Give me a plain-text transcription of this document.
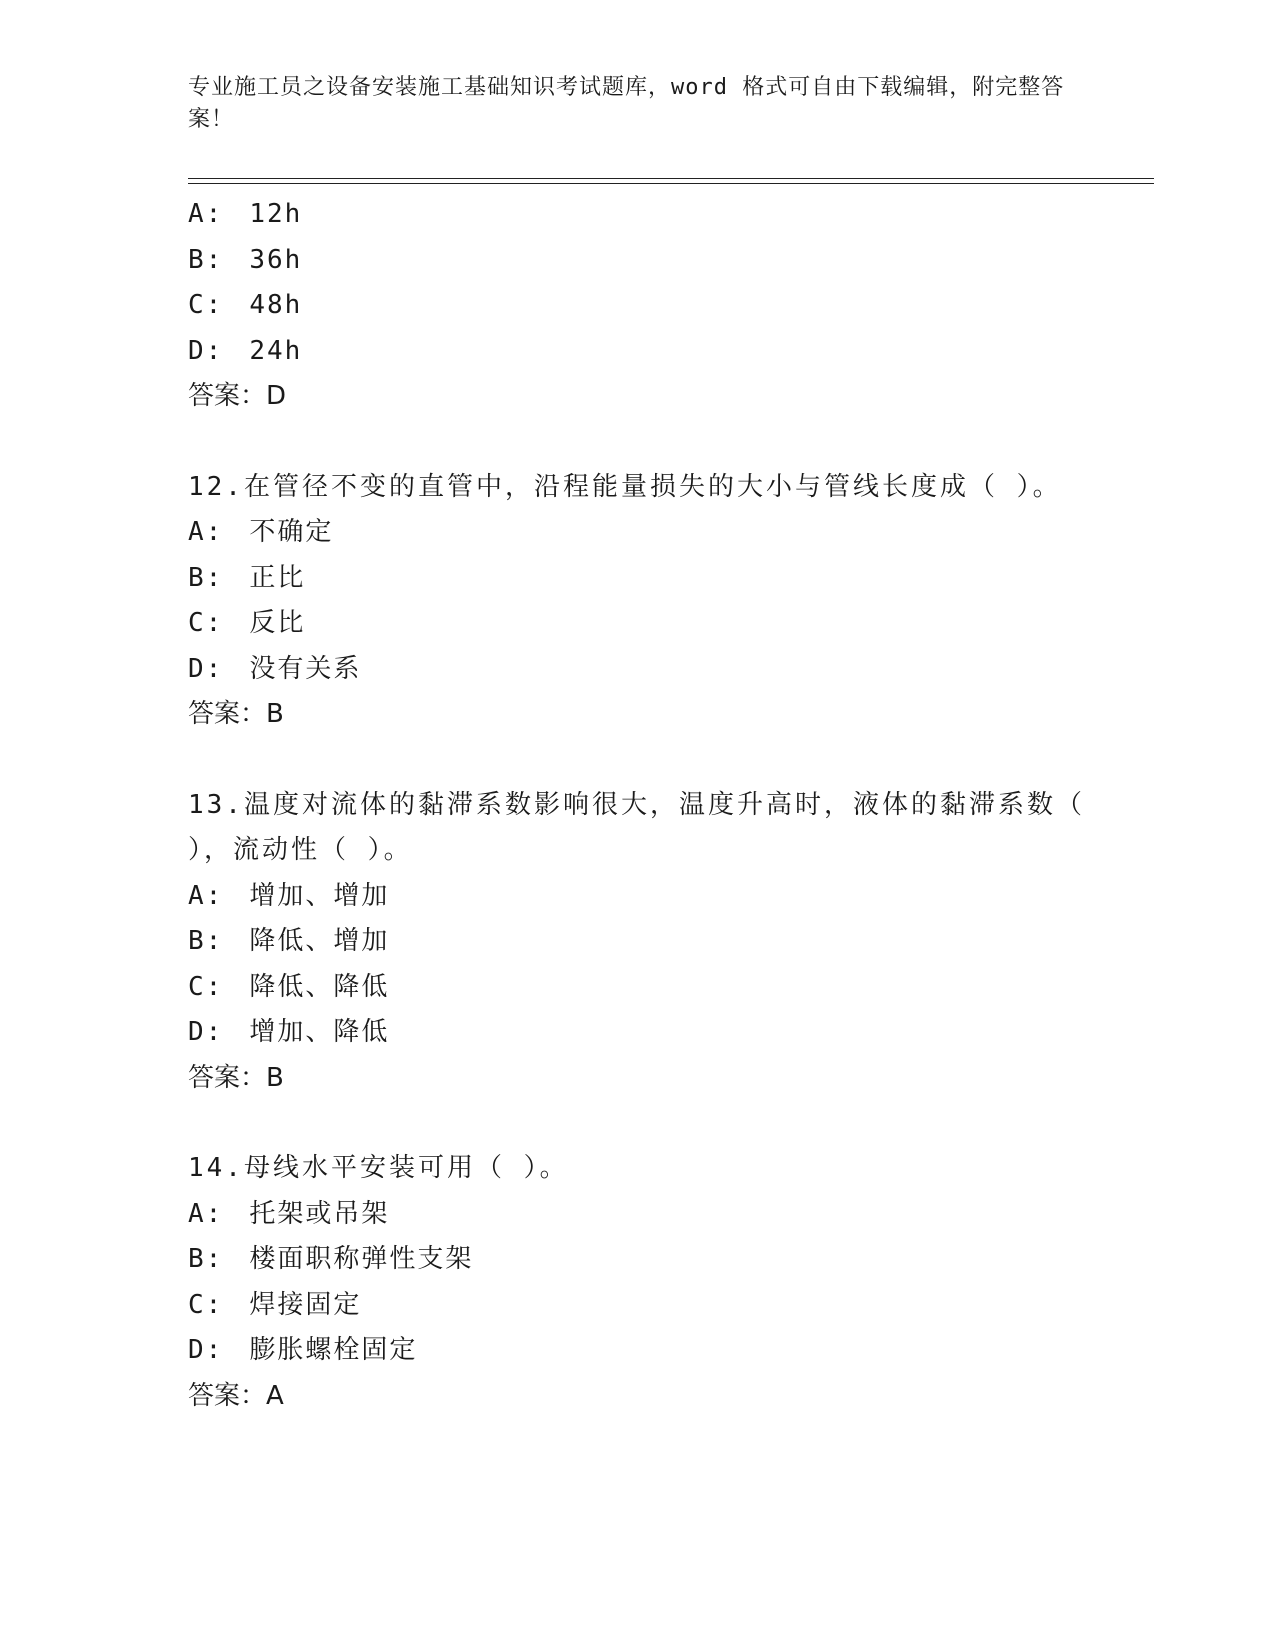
专业施工员之设备安装施工基础知识考试题库，word 格式可自由下载编辑，附完整答案！
A: 12h
B: 36h
C: 48h
D: 24h
答案：D
12.在管径不变的直管中，沿程能量损失的大小与管线长度成（ ）。
A: 不确定
B: 正比
C: 反比
D: 没有关系
答案：B
13.温度对流体的黏滞系数影响很大，温度升高时，液体的黏滞系数（ ），流动性（ ）。
A: 增加、增加
B: 降低、增加
C: 降低、降低
D: 增加、降低
答案：B
14.母线水平安装可用（ ）。
A: 托架或吊架
B: 楼面职称弹性支架
C: 焊接固定
D: 膨胀螺栓固定
答案：A
